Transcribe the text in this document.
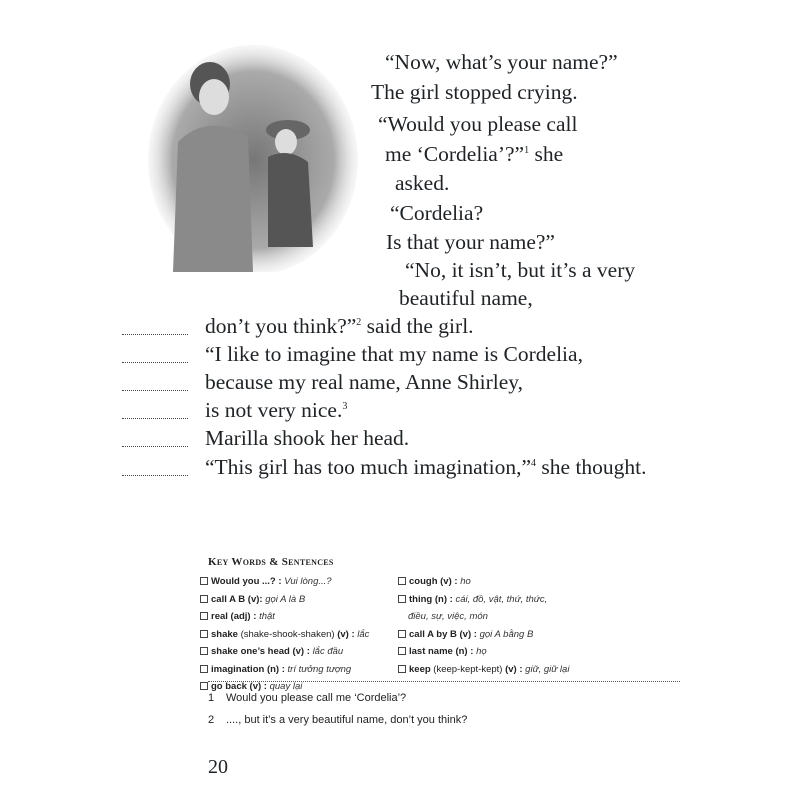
Key Words & Sentences
Would you ...? : Vui lòng...?
call A B (v): gọi A là B
real (adj) : thật
shake (shake-shook-shaken) (v) : lắc
shake one’s head (v) : lắc đầu
imagination (n) : trí tưởng tượng
go back (v) : quay lại
cough (v) : ho
thing (n) : cái, đồ, vật, thứ, thức,
điều, sự, việc, món
call A by B (v) : gọi A bằng B
last name (n) : họ
keep (keep-kept-kept) (v) : giữ, giữ lại
1 Would you please call me ‘Cordelia’?
2 ...., but it’s a very beautiful name, don’t you think?
20
“Now, what’s your name?”
The girl stopped crying.
“Would you please call
me ‘Cordelia’?”$^1$ she
asked.
“Cordelia?
Is that your name?”
“No, it isn’t, but it’s a very
beautiful name,
don’t you think?”$^2$ said the girl.
“I like to imagine that my name is Cordelia,
because my real name, Anne Shirley,
is not very nice.$^3$
Marilla shook her head.
“This girl has too much imagination,”$^4$ she thought.
